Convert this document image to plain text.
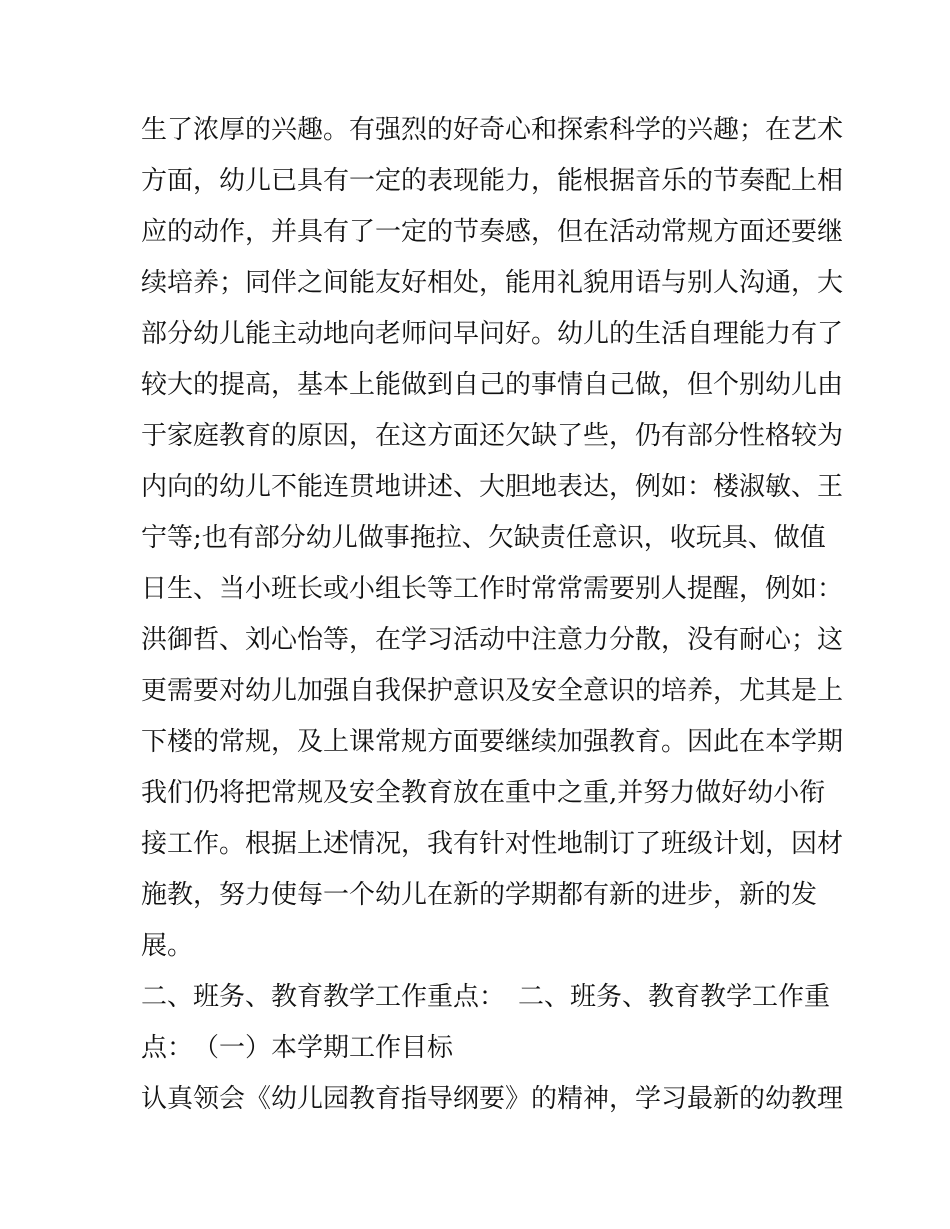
生了浓厚的兴趣。有强烈的好奇心和探索科学的兴趣；在艺术
方面，幼儿已具有一定的表现能力，能根据音乐的节奏配上相
应的动作，并具有了一定的节奏感，但在活动常规方面还要继
续培养；同伴之间能友好相处，能用礼貌用语与别人沟通，大
部分幼儿能主动地向老师问早问好。幼儿的生活自理能力有了
较大的提高，基本上能做到自己的事情自己做，但个别幼儿由
于家庭教育的原因，在这方面还欠缺了些，仍有部分性格较为
内向的幼儿不能连贯地讲述、大胆地表达，例如：楼淑敏、王
宁等;也有部分幼儿做事拖拉、欠缺责任意识，收玩具、做值
日生、当小班长或小组长等工作时常常需要别人提醒，例如：
洪御哲、刘心怡等，在学习活动中注意力分散，没有耐心；这
更需要对幼儿加强自我保护意识及安全意识的培养，尤其是上
下楼的常规，及上课常规方面要继续加强教育。因此在本学期
我们仍将把常规及安全教育放在重中之重,并努力做好幼小衔
接工作。根据上述情况，我有针对性地制订了班级计划，因材
施教，努力使每一个幼儿在新的学期都有新的进步，新的发
展。
二、班务、教育教学工作重点：　二、班务、教育教学工作重
点：　（一）本学期工作目标
认真领会《幼儿园教育指导纲要》的精神，学习最新的幼教理
